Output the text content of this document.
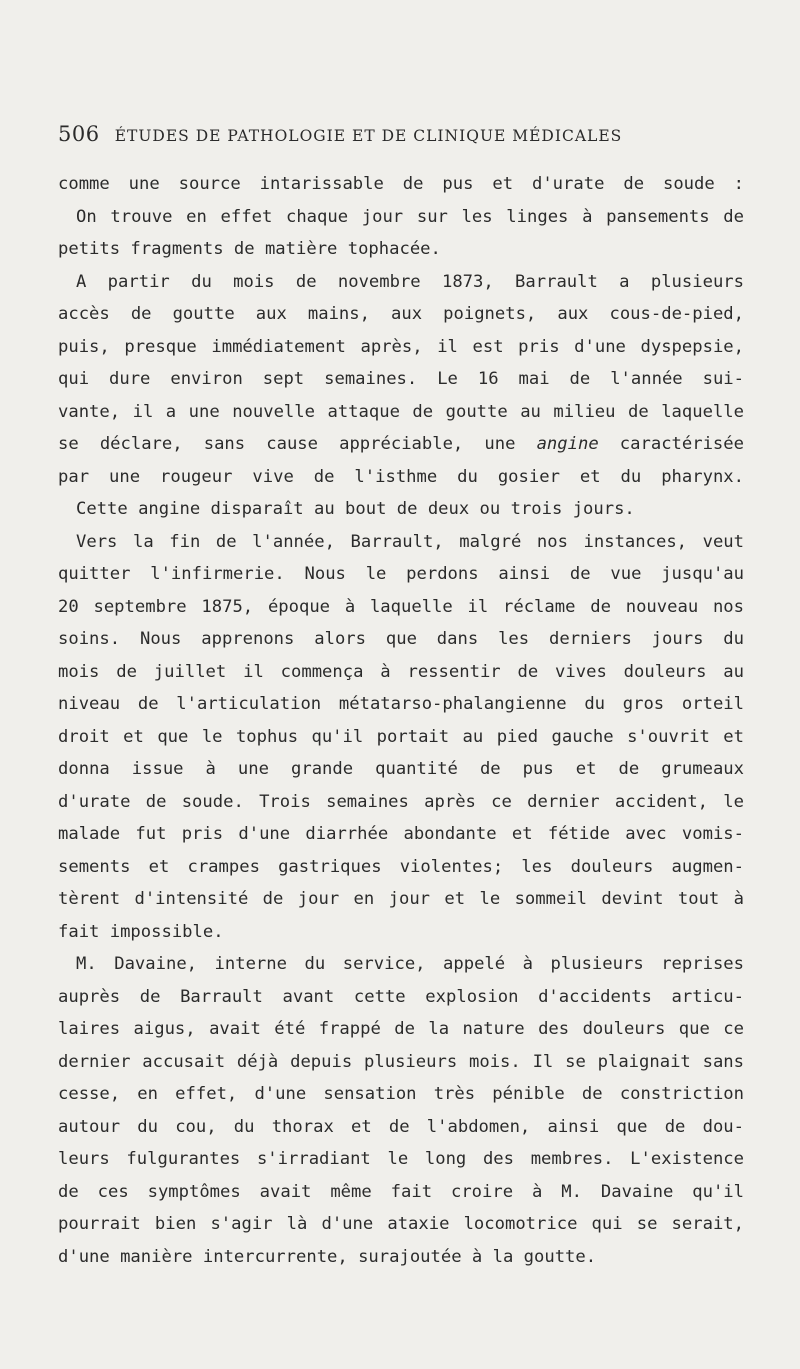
506 ÉTUDES DE PATHOLOGIE ET DE CLINIQUE MÉDICALES
comme une source intarissable de pus et d'urate de soude :
On trouve en effet chaque jour sur les linges à pansements de
petits fragments de matière tophacée.
A partir du mois de novembre 1873, Barrault a plusieurs
accès de goutte aux mains, aux poignets, aux cous-de-pied,
puis, presque immédiatement après, il est pris d'une dyspepsie,
qui dure environ sept semaines. Le 16 mai de l'année sui-
vante, il a une nouvelle attaque de goutte au milieu de laquelle
se déclare, sans cause appréciable, une angine caractérisée
par une rougeur vive de l'isthme du gosier et du pharynx.
Cette angine disparaît au bout de deux ou trois jours.
Vers la fin de l'année, Barrault, malgré nos instances, veut
quitter l'infirmerie. Nous le perdons ainsi de vue jusqu'au
20 septembre 1875, époque à laquelle il réclame de nouveau nos
soins. Nous apprenons alors que dans les derniers jours du
mois de juillet il commença à ressentir de vives douleurs au
niveau de l'articulation métatarso-phalangienne du gros orteil
droit et que le tophus qu'il portait au pied gauche s'ouvrit et
donna issue à une grande quantité de pus et de grumeaux
d'urate de soude. Trois semaines après ce dernier accident, le
malade fut pris d'une diarrhée abondante et fétide avec vomis-
sements et crampes gastriques violentes; les douleurs augmen-
tèrent d'intensité de jour en jour et le sommeil devint tout à
fait impossible.
M. Davaine, interne du service, appelé à plusieurs reprises
auprès de Barrault avant cette explosion d'accidents articu-
laires aigus, avait été frappé de la nature des douleurs que ce
dernier accusait déjà depuis plusieurs mois. Il se plaignait sans
cesse, en effet, d'une sensation très pénible de constriction
autour du cou, du thorax et de l'abdomen, ainsi que de dou-
leurs fulgurantes s'irradiant le long des membres. L'existence
de ces symptômes avait même fait croire à M. Davaine qu'il
pourrait bien s'agir là d'une ataxie locomotrice qui se serait,
d'une manière intercurrente, surajoutée à la goutte.
